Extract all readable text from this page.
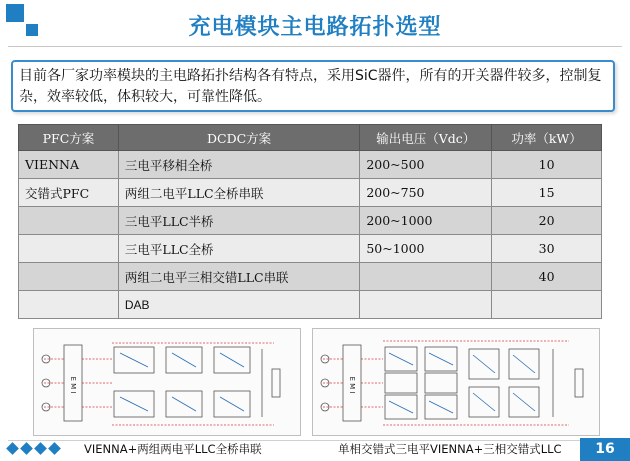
充电模块主电路拓扑选型
目前各厂家功率模块的主电路拓扑结构各有特点，采用SiC器件，所有的开关器件较多，控制复杂，效率较低，体积较大，可靠性降低。
PFC方案	DCDC方案	输出电压（Vdc）	功率（kW）
VIENNA	三电平移相全桥	200~500	10
交错式PFC	两组二电平LLC全桥串联	200~750	15
	三电平LLC半桥	200~1000	20
	三电平LLC全桥	50~1000	30
	两组二电平三相交错LLC串联		40
	DAB		
E M I	E M I
VIENNA+两组两电平LLC全桥串联	单相交错式三电平VIENNA+三相交错式LLC	16
